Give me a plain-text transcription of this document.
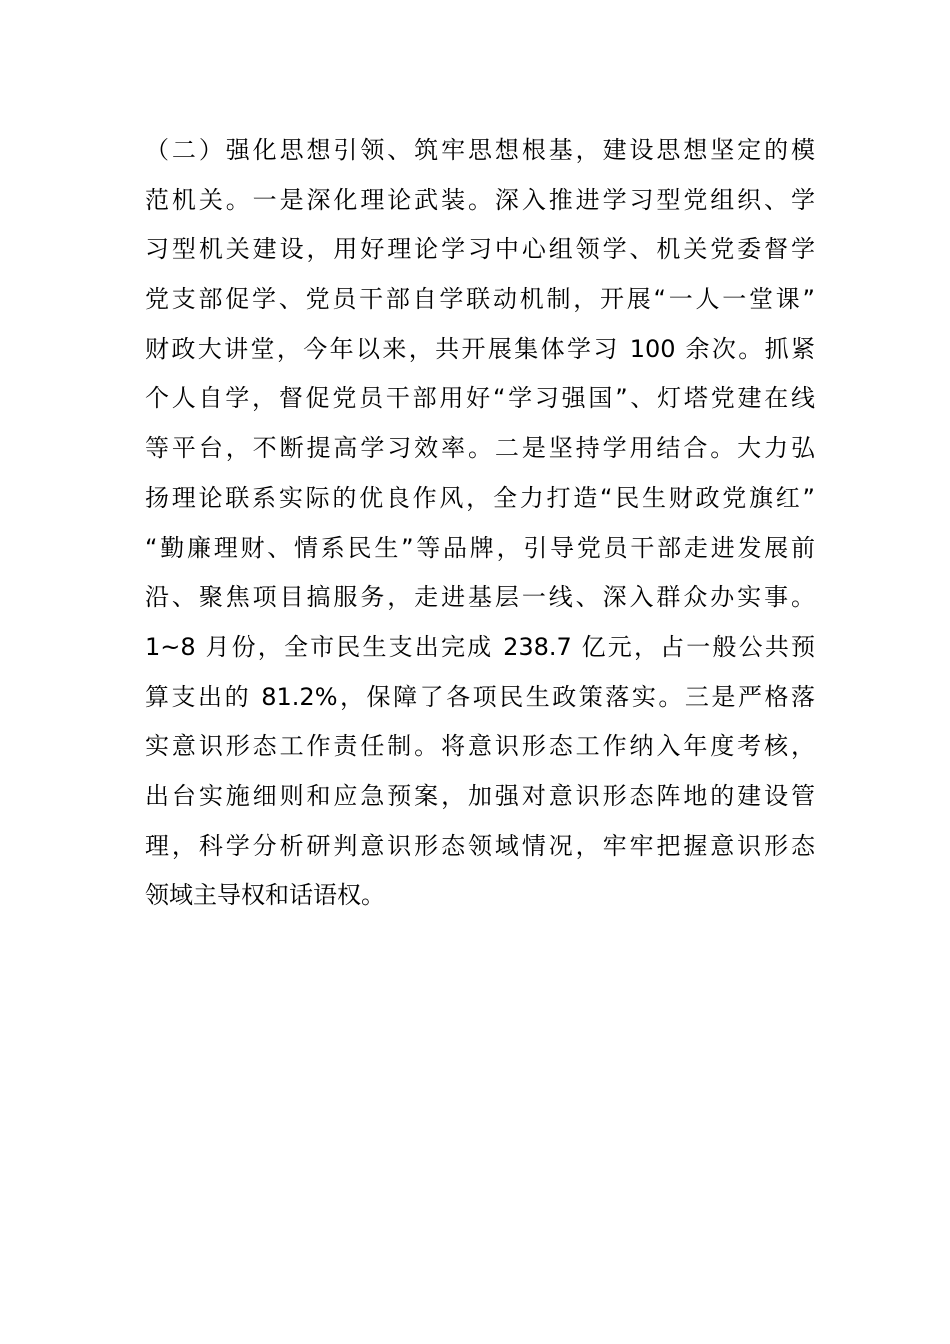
（二）强化思想引领、筑牢思想根基，建设思想坚定的模
范机关。一是深化理论武装。深入推进学习型党组织、学
习型机关建设，用好理论学习中心组领学、机关党委督学
党支部促学、党员干部自学联动机制，开展“一人一堂课”
财政大讲堂，今年以来，共开展集体学习 100 余次。抓紧
个人自学，督促党员干部用好“学习强国”、灯塔党建在线
等平台，不断提高学习效率。二是坚持学用结合。大力弘
扬理论联系实际的优良作风，全力打造“民生财政党旗红”
“勤廉理财、情系民生”等品牌，引导党员干部走进发展前
沿、聚焦项目搞服务，走进基层一线、深入群众办实事。
1~8 月份，全市民生支出完成 238.7 亿元，占一般公共预
算支出的 81.2%，保障了各项民生政策落实。三是严格落
实意识形态工作责任制。将意识形态工作纳入年度考核，
出台实施细则和应急预案，加强对意识形态阵地的建设管
理，科学分析研判意识形态领域情况，牢牢把握意识形态
领域主导权和话语权。
